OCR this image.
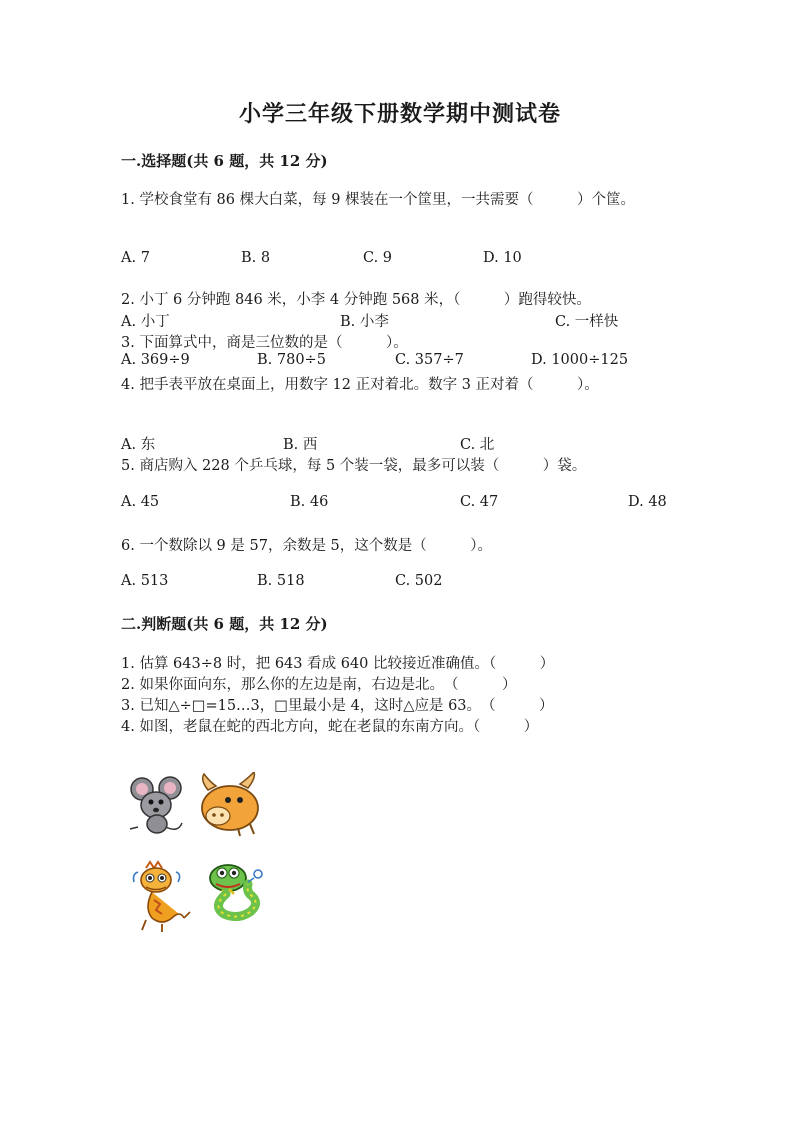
小学三年级下册数学期中测试卷
一.选择题(共 6 题，共 12 分)
1. 学校食堂有 86 棵大白菜，每 9 棵装在一个筐里，一共需要（　　　）个筐。
A. 7	B. 8	C. 9	D. 10
2. 小丁 6 分钟跑 846 米，小李 4 分钟跑 568 米，（　　　）跑得较快。
A. 小丁	B. 小李	C. 一样快
3. 下面算式中，商是三位数的是（　　　）。
A. 369÷9	B. 780÷5	C. 357÷7	D. 1000÷125
4. 把手表平放在桌面上，用数字 12 正对着北。数字 3 正对着（　　　）。
A. 东	B. 西	C. 北
5. 商店购入 228 个乒乓球，每 5 个装一袋，最多可以装（　　　）袋。
A. 45	B. 46	C. 47	D. 48
6. 一个数除以 9 是 57，余数是 5，这个数是（　　　）。
A. 513	B. 518	C. 502
二.判断题(共 6 题，共 12 分)
1. 估算 643÷8 时，把 643 看成 640 比较接近准确值。（　　　）
2. 如果你面向东，那么你的左边是南，右边是北。　（　　　）
3. 已知△÷□=15…3，□里最小是 4，这时△应是 63。　（　　　）
4. 如图，老鼠在蛇的西北方向，蛇在老鼠的东南方向。（　　　）
